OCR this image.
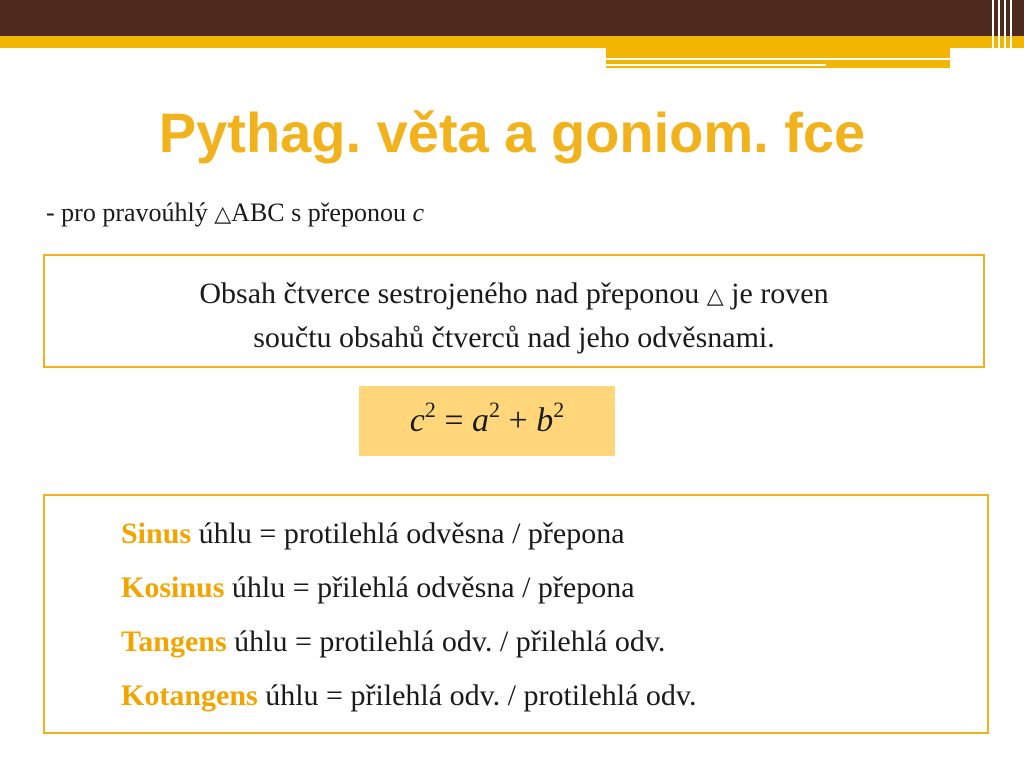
Pythag. věta a goniom. fce
- pro pravoúhlý △ABC s přeponou c
Obsah čtverce sestrojeného nad přeponou △ je roven
součtu obsahů čtverců nad jeho odvěsnami.
$c^2 = a^2 + b^2$
Sinus úhlu = protilehlá odvěsna / přepona
Kosinus úhlu = přilehlá odvěsna / přepona
Tangens úhlu = protilehlá odv. / přilehlá odv.
Kotangens úhlu = přilehlá odv. / protilehlá odv.
